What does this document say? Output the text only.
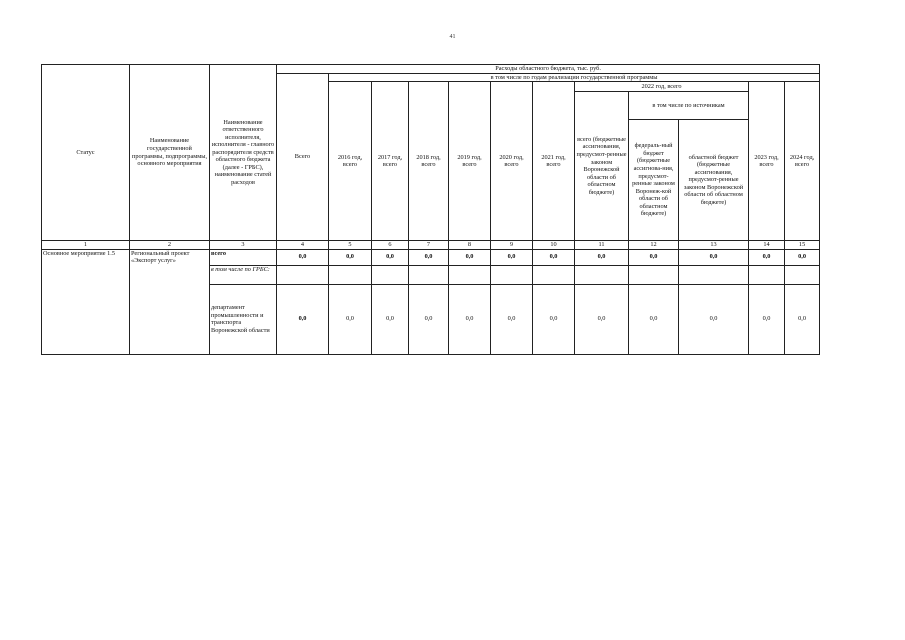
41
Статус	Наименование государственной программы, подпрограммы, основного мероприятия	Наименование ответственного исполнителя, исполнителя - главного распорядителя средств областного бюджета (далее - ГРБС), наименование статей расходов	Расходы областного бюджета, тыс. руб.											
			Всего	в том числе по годам реализации государственной программы										
				2016 год, всего	2017 год, всего	2018 год, всего	2019 год, всего	2020 год, всего	2021 год, всего	2022 год, всего			2023 год, всего	2024 год, всего
										всего (бюджетные ассигнования, предусмот-ренные законом Воронежской области об областном бюджете)	в том числе по источникам			
											федераль-ный бюджет (бюджетные ассигнова-ния, предусмот-ренные законом Воронеж-кой области об областном бюджете)	областной бюджет (бюджетные ассигнования, предусмот-ренные законом Воронежской области об областном бюджете)		
1	2	3	4	5	6	7	8	9	10	11	12	13	14	15
Основное мероприятие 1.5	Региональный проект «Экспорт услуг»	всего	0,0	0,0	0,0	0,0	0,0	0,0	0,0	0,0	0,0	0,0	0,0	0,0
		в том числе по ГРБС:												
		департамент промышленности и транспорта Воронежской области	0,0	0,0	0,0	0,0	0,0	0,0	0,0	0,0	0,0	0,0	0,0	0,0
